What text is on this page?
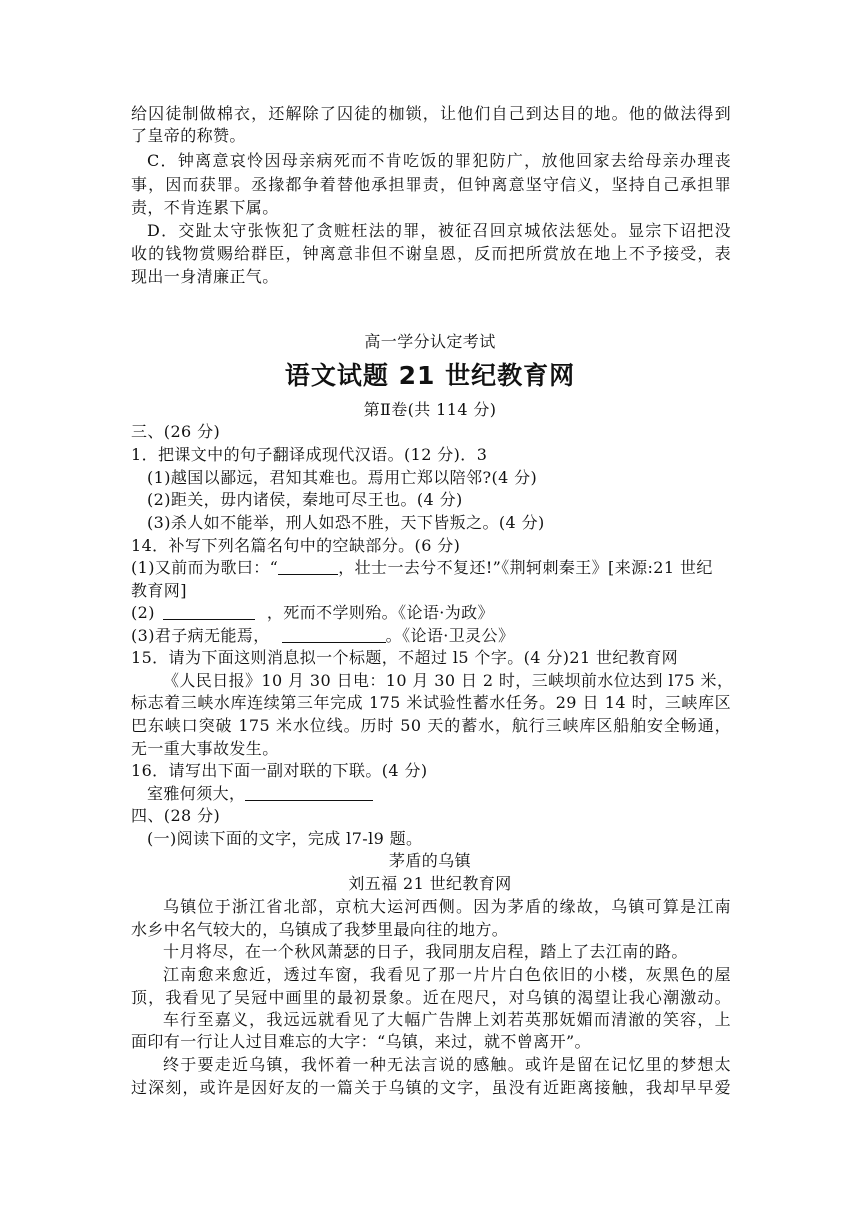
给囚徒制做棉衣，还解除了囚徒的枷锁，让他们自己到达目的地。他的做法得到
了皇帝的称赞。
C．钟离意哀怜因母亲病死而不肯吃饭的罪犯防广，放他回家去给母亲办理丧
事，因而获罪。丞掾都争着替他承担罪责，但钟离意坚守信义，坚持自己承担罪
责，不肯连累下属。
D．交趾太守张恢犯了贪赃枉法的罪，被征召回京城依法惩处。显宗下诏把没
收的钱物赏赐给群臣，钟离意非但不谢皇恩，反而把所赏放在地上不予接受，表
现出一身清廉正气。
高一学分认定考试
语文试题 21 世纪教育网
第Ⅱ卷(共 114 分)
三、(26 分)
1．把课文中的句子翻译成现代汉语。(12 分)．3
(1)越国以鄙远，君知其难也。焉用亡郑以陪邻?(4 分)
(2)距关，毋内诸侯，秦地可尽王也。(4 分)
(3)杀人如不能举，刑人如恐不胜，天下皆叛之。(4 分)
14．补写下列名篇名句中的空缺部分。(6 分)
(1)又前而为歌曰：“	，壮士一去兮不复还!”《荆轲刺秦王》[来源:21 世纪
教育网]
(2)	，死而不学则殆。《论语·为政》
(3)君子病无能焉，	。《论语·卫灵公》
15．请为下面这则消息拟一个标题，不超过 l5 个字。(4 分)21 世纪教育网
《人民日报》10 月 30 日电：10 月 30 日 2 时，三峡坝前水位达到 l75 米，
标志着三峡水库连续第三年完成 175 米试验性蓄水任务。29 日 14 时，三峡库区
巴东峡口突破 175 米水位线。历时 50 天的蓄水，航行三峡库区船舶安全畅通，
无一重大事故发生。
16．请写出下面一副对联的下联。(4 分)
室雅何须大，
四、(28 分)
(一)阅读下面的文字，完成 l7-l9 题。
茅盾的乌镇
刘五福 21 世纪教育网
乌镇位于浙江省北部，京杭大运河西侧。因为茅盾的缘故，乌镇可算是江南
水乡中名气较大的，乌镇成了我梦里最向往的地方。
十月将尽，在一个秋风萧瑟的日子，我同朋友启程，踏上了去江南的路。
江南愈来愈近，透过车窗，我看见了那一片片白色依旧的小楼，灰黑色的屋
顶，我看见了吴冠中画里的最初景象。近在咫尺，对乌镇的渴望让我心潮激动。
车行至嘉义，我远远就看见了大幅广告牌上刘若英那妩媚而清澈的笑容，上
面印有一行让人过目难忘的大字：“乌镇，来过，就不曾离开”。
终于要走近乌镇，我怀着一种无法言说的感触。或许是留在记忆里的梦想太
过深刻，或许是因好友的一篇关于乌镇的文字，虽没有近距离接触，我却早早爱
